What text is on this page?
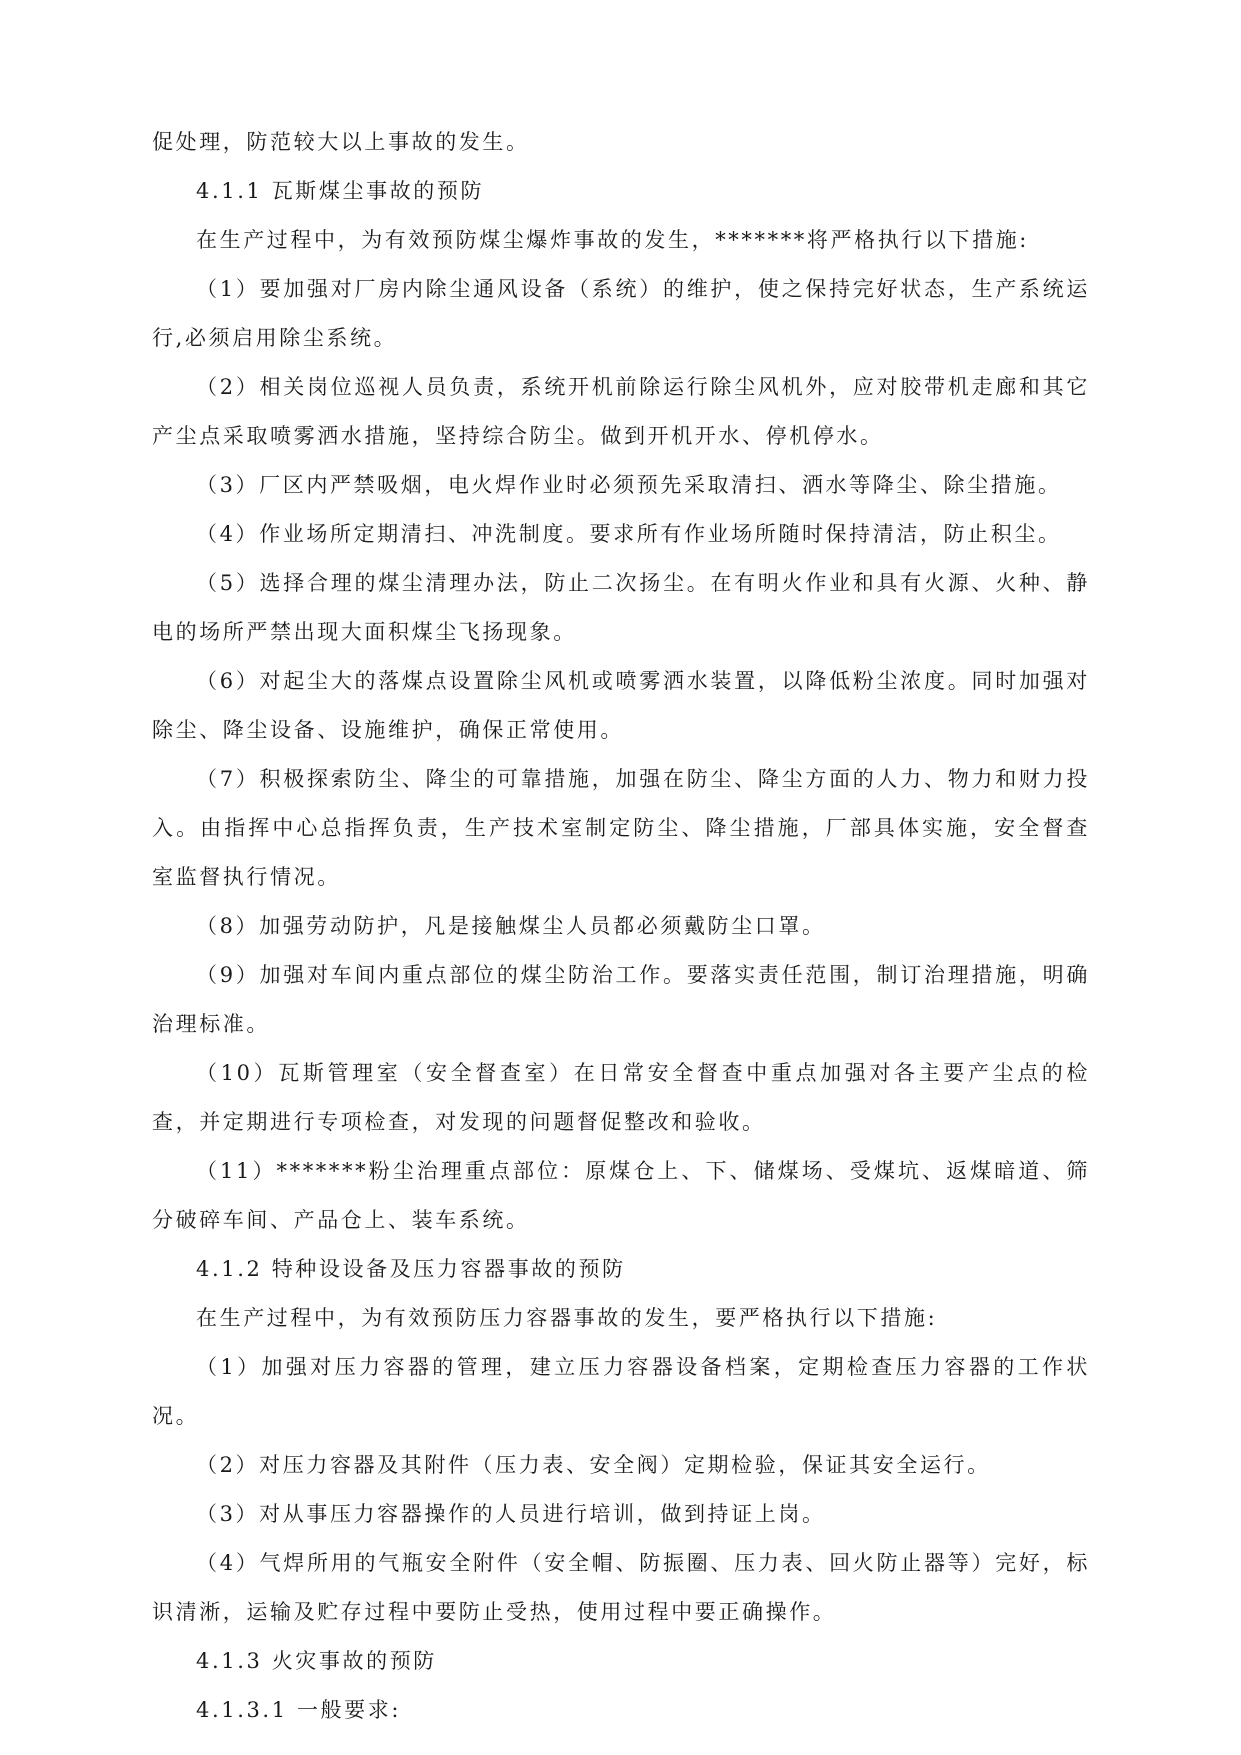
促处理，防范较大以上事故的发生。

4.1.1 瓦斯煤尘事故的预防

在生产过程中，为有效预防煤尘爆炸事故的发生，*******将严格执行以下措施:

（1）要加强对厂房内除尘通风设备（系统）的维护，使之保持完好状态，生产系统运行,必须启用除尘系统。

（2）相关岗位巡视人员负责，系统开机前除运行除尘风机外，应对胶带机走廊和其它产尘点采取喷雾洒水措施，坚持综合防尘。做到开机开水、停机停水。

（3）厂区内严禁吸烟，电火焊作业时必须预先采取清扫、洒水等降尘、除尘措施。

（4）作业场所定期清扫、冲洗制度。要求所有作业场所随时保持清洁，防止积尘。

（5）选择合理的煤尘清理办法，防止二次扬尘。在有明火作业和具有火源、火种、静电的场所严禁出现大面积煤尘飞扬现象。

（6）对起尘大的落煤点设置除尘风机或喷雾洒水装置，以降低粉尘浓度。同时加强对除尘、降尘设备、设施维护，确保正常使用。

（7）积极探索防尘、降尘的可靠措施，加强在防尘、降尘方面的人力、物力和财力投入。由指挥中心总指挥负责，生产技术室制定防尘、降尘措施，厂部具体实施，安全督查室监督执行情况。

（8）加强劳动防护，凡是接触煤尘人员都必须戴防尘口罩。

（9）加强对车间内重点部位的煤尘防治工作。要落实责任范围，制订治理措施，明确治理标准。

（10）瓦斯管理室（安全督查室）在日常安全督查中重点加强对各主要产尘点的检查，并定期进行专项检查，对发现的问题督促整改和验收。

（11）*******粉尘治理重点部位：原煤仓上、下、储煤场、受煤坑、返煤暗道、筛分破碎车间、产品仓上、装车系统。

4.1.2 特种设设备及压力容器事故的预防

在生产过程中，为有效预防压力容器事故的发生，要严格执行以下措施:

（1）加强对压力容器的管理，建立压力容器设备档案，定期检查压力容器的工作状况。

（2）对压力容器及其附件（压力表、安全阀）定期检验，保证其安全运行。

（3）对从事压力容器操作的人员进行培训，做到持证上岗。

（4）气焊所用的气瓶安全附件（安全帽、防振圈、压力表、回火防止器等）完好，标识清淅，运输及贮存过程中要防止受热，使用过程中要正确操作。

4.1.3 火灾事故的预防

4.1.3.1 一般要求:
